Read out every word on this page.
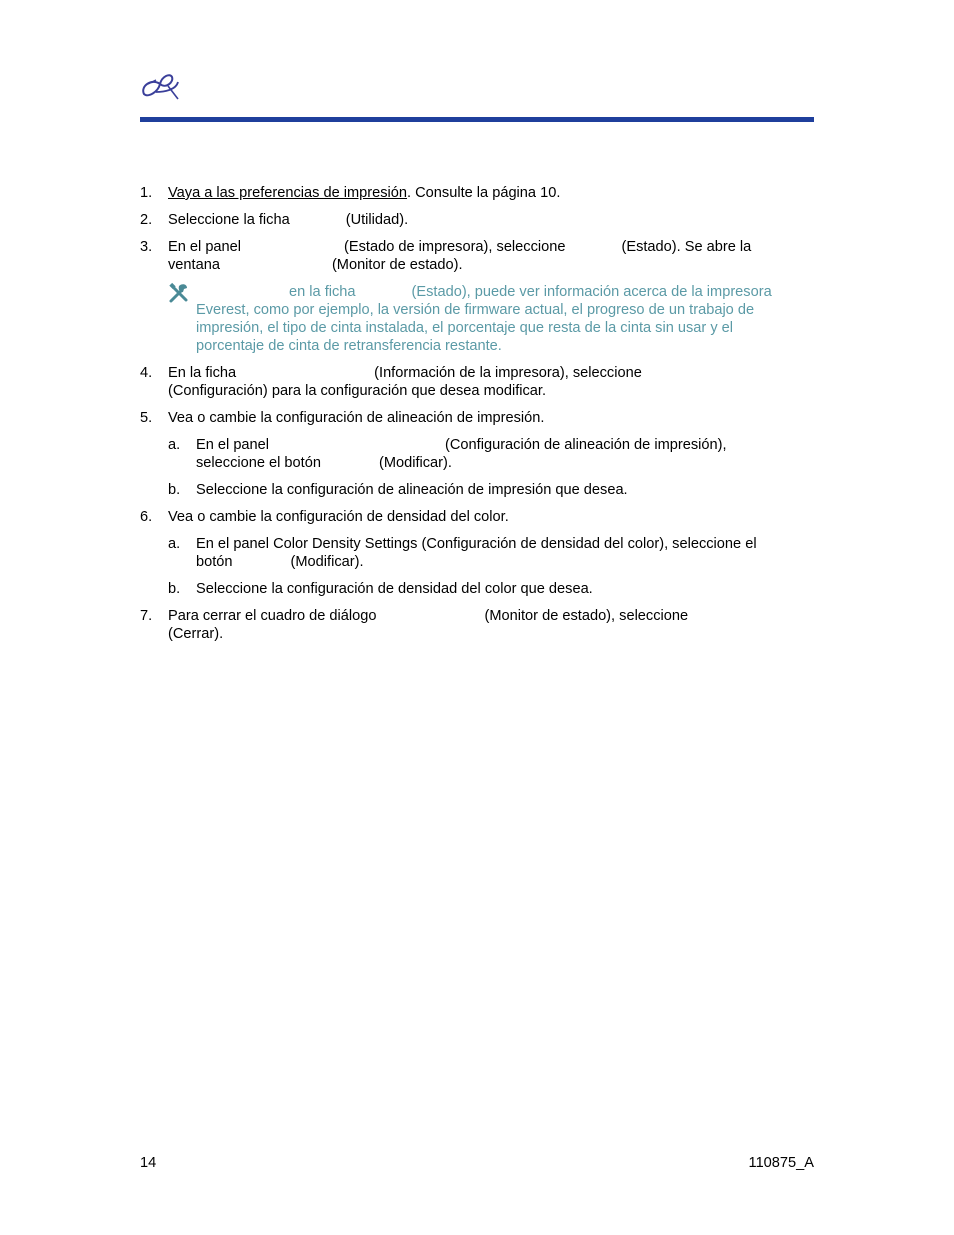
1. Vaya a las preferencias de impresión. Consulte la página 10.
2. Seleccione la ficha	(Utilidad).
3. En el panel	(Estado de impresora), seleccione	(Estado). Se abre la
ventana	(Monitor de estado).
en la ficha	(Estado), puede ver información acerca de la impresora
Everest, como por ejemplo, la versión de firmware actual, el progreso de un trabajo de
impresión, el tipo de cinta instalada, el porcentaje que resta de la cinta sin usar y el
porcentaje de cinta de retransferencia restante.
4. En la ficha	(Información de la impresora), seleccione
(Configuración) para la configuración que desea modificar.
5. Vea o cambie la configuración de alineación de impresión.
a. En el panel	(Configuración de alineación de impresión),
seleccione el botón	(Modificar).
b. Seleccione la configuración de alineación de impresión que desea.
6. Vea o cambie la configuración de densidad del color.
a. En el panel Color Density Settings (Configuración de densidad del color), seleccione el
botón	(Modificar).
b. Seleccione la configuración de densidad del color que desea.
7. Para cerrar el cuadro de diálogo	(Monitor de estado), seleccione
(Cerrar).
14	110875_A
